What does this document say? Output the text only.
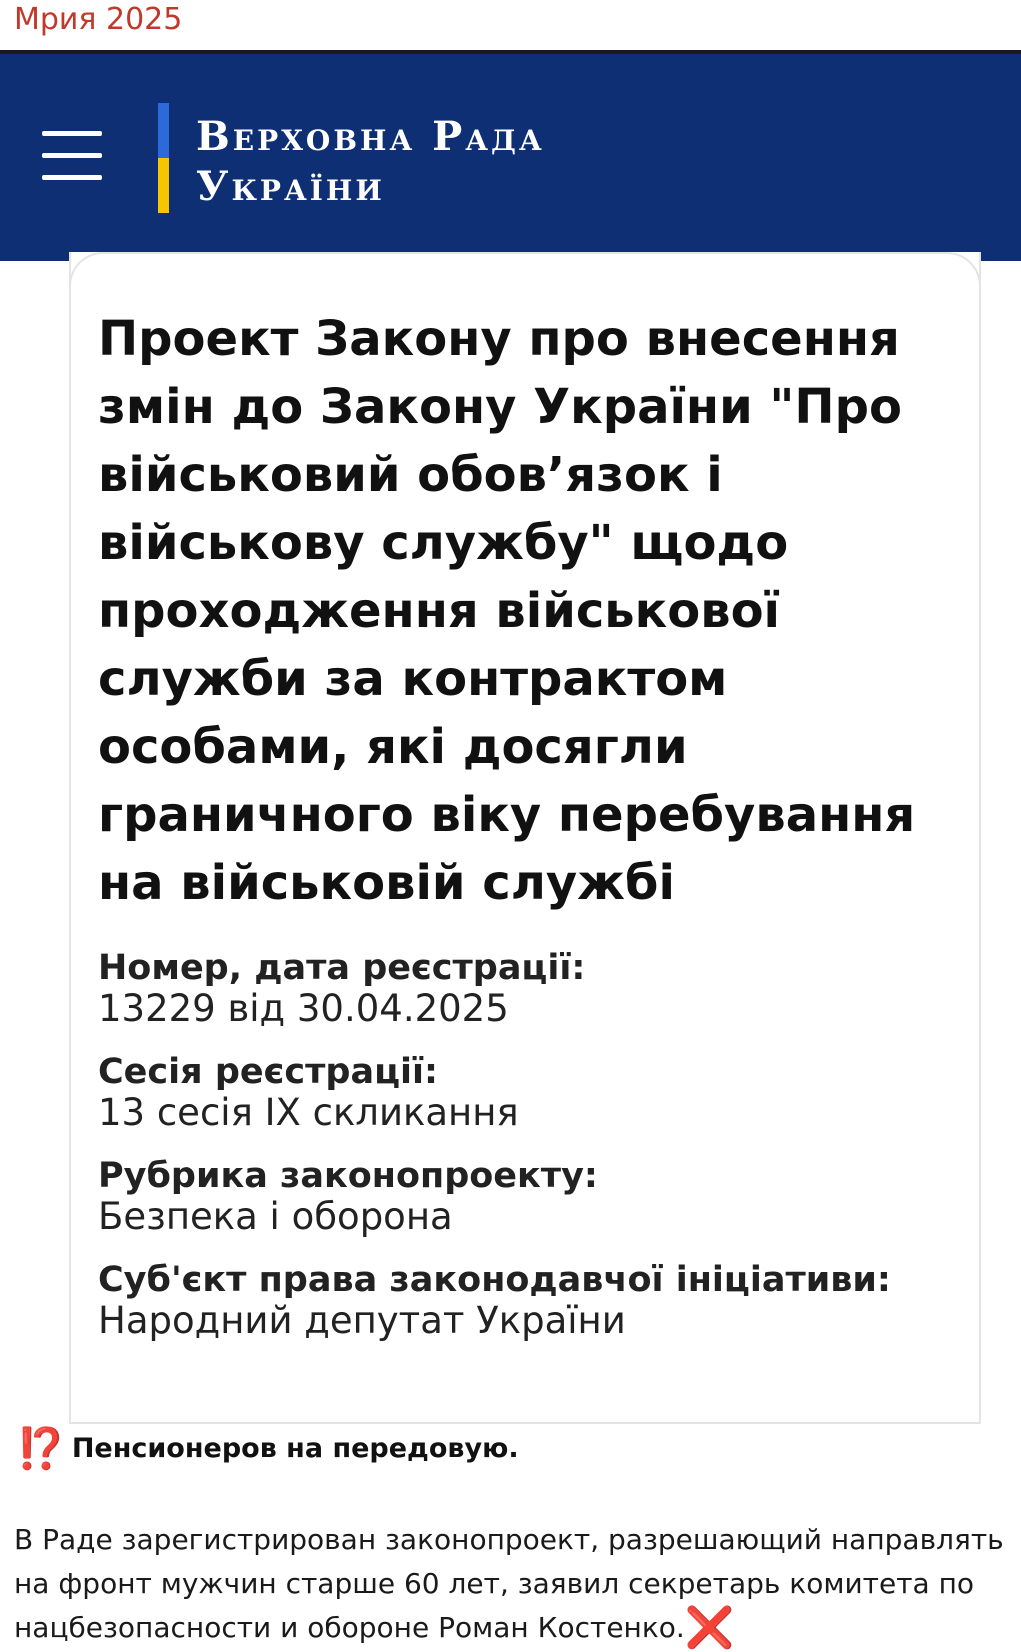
Мрия 2025
Верховна Рада
України
Проект Закону про внесення змін до Закону України "Про військовий обов’язок і військову службу" щодо проходження військової служби за контрактом особами, які досягли граничного віку перебування на військовій службі
Номер, дата реєстрації:
13229 від 30.04.2025
Сесія реєстрації:
13 сесія IX скликання
Рубрика законопроекту:
Безпека і оборона
Суб'єкт права законодавчої ініціативи:
Народний депутат України
⁉️ Пенсионеров на передовую.
В Раде зарегистрирован законопроект, разрешающий направлять на фронт мужчин старше 60 лет, заявил секретарь комитета по нацбезопасности и обороне Роман Костенко.❌
